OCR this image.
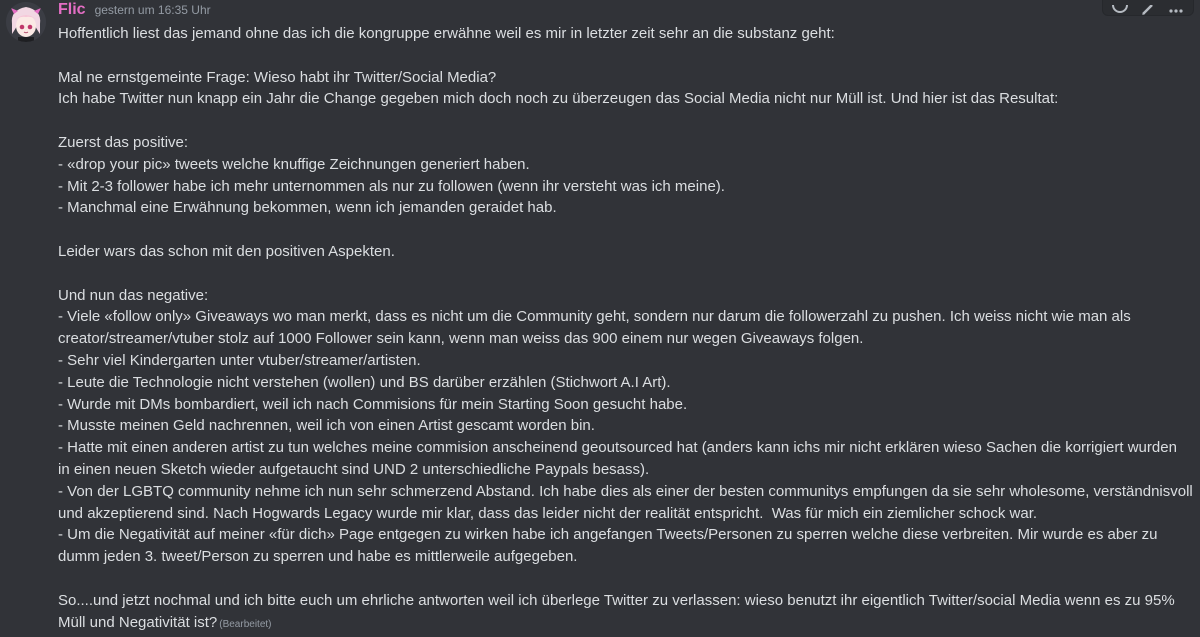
Flic gestern um 16:35 Uhr
Hoffentlich liest das jemand ohne das ich die kongruppe erwähne weil es mir in letzter zeit sehr an die substanz geht:
Mal ne ernstgemeinte Frage: Wieso habt ihr Twitter/Social Media?
Ich habe Twitter nun knapp ein Jahr die Change gegeben mich doch noch zu überzeugen das Social Media nicht nur Müll ist. Und hier ist das Resultat:
Zuerst das positive:
- «drop your pic» tweets welche knuffige Zeichnungen generiert haben.
- Mit 2-3 follower habe ich mehr unternommen als nur zu followen (wenn ihr versteht was ich meine).
- Manchmal eine Erwähnung bekommen, wenn ich jemanden geraidet hab.
Leider wars das schon mit den positiven Aspekten.
Und nun das negative:
- Viele «follow only» Giveaways wo man merkt, dass es nicht um die Community geht, sondern nur darum die followerzahl zu pushen. Ich weiss nicht wie man als
creator/streamer/vtuber stolz auf 1000 Follower sein kann, wenn man weiss das 900 einem nur wegen Giveaways folgen.
- Sehr viel Kindergarten unter vtuber/streamer/artisten.
- Leute die Technologie nicht verstehen (wollen) und BS darüber erzählen (Stichwort A.I Art).
- Wurde mit DMs bombardiert, weil ich nach Commisions für mein Starting Soon gesucht habe.
- Musste meinen Geld nachrennen, weil ich von einen Artist gescamt worden bin.
- Hatte mit einen anderen artist zu tun welches meine commision anscheinend geoutsourced hat (anders kann ichs mir nicht erklären wieso Sachen die korrigiert wurden
in einen neuen Sketch wieder aufgetaucht sind UND 2 unterschiedliche Paypals besass).
- Von der LGBTQ community nehme ich nun sehr schmerzend Abstand. Ich habe dies als einer der besten communitys empfungen da sie sehr wholesome, verständnisvoll
und akzeptierend sind. Nach Hogwards Legacy wurde mir klar, dass das leider nicht der realität entspricht.  Was für mich ein ziemlicher schock war.
- Um die Negativität auf meiner «für dich» Page entgegen zu wirken habe ich angefangen Tweets/Personen zu sperren welche diese verbreiten. Mir wurde es aber zu
dumm jeden 3. tweet/Person zu sperren und habe es mittlerweile aufgegeben.
So....und jetzt nochmal und ich bitte euch um ehrliche antworten weil ich überlege Twitter zu verlassen: wieso benutzt ihr eigentlich Twitter/social Media wenn es zu 95%
Müll und Negativität ist? (Bearbeitet)
